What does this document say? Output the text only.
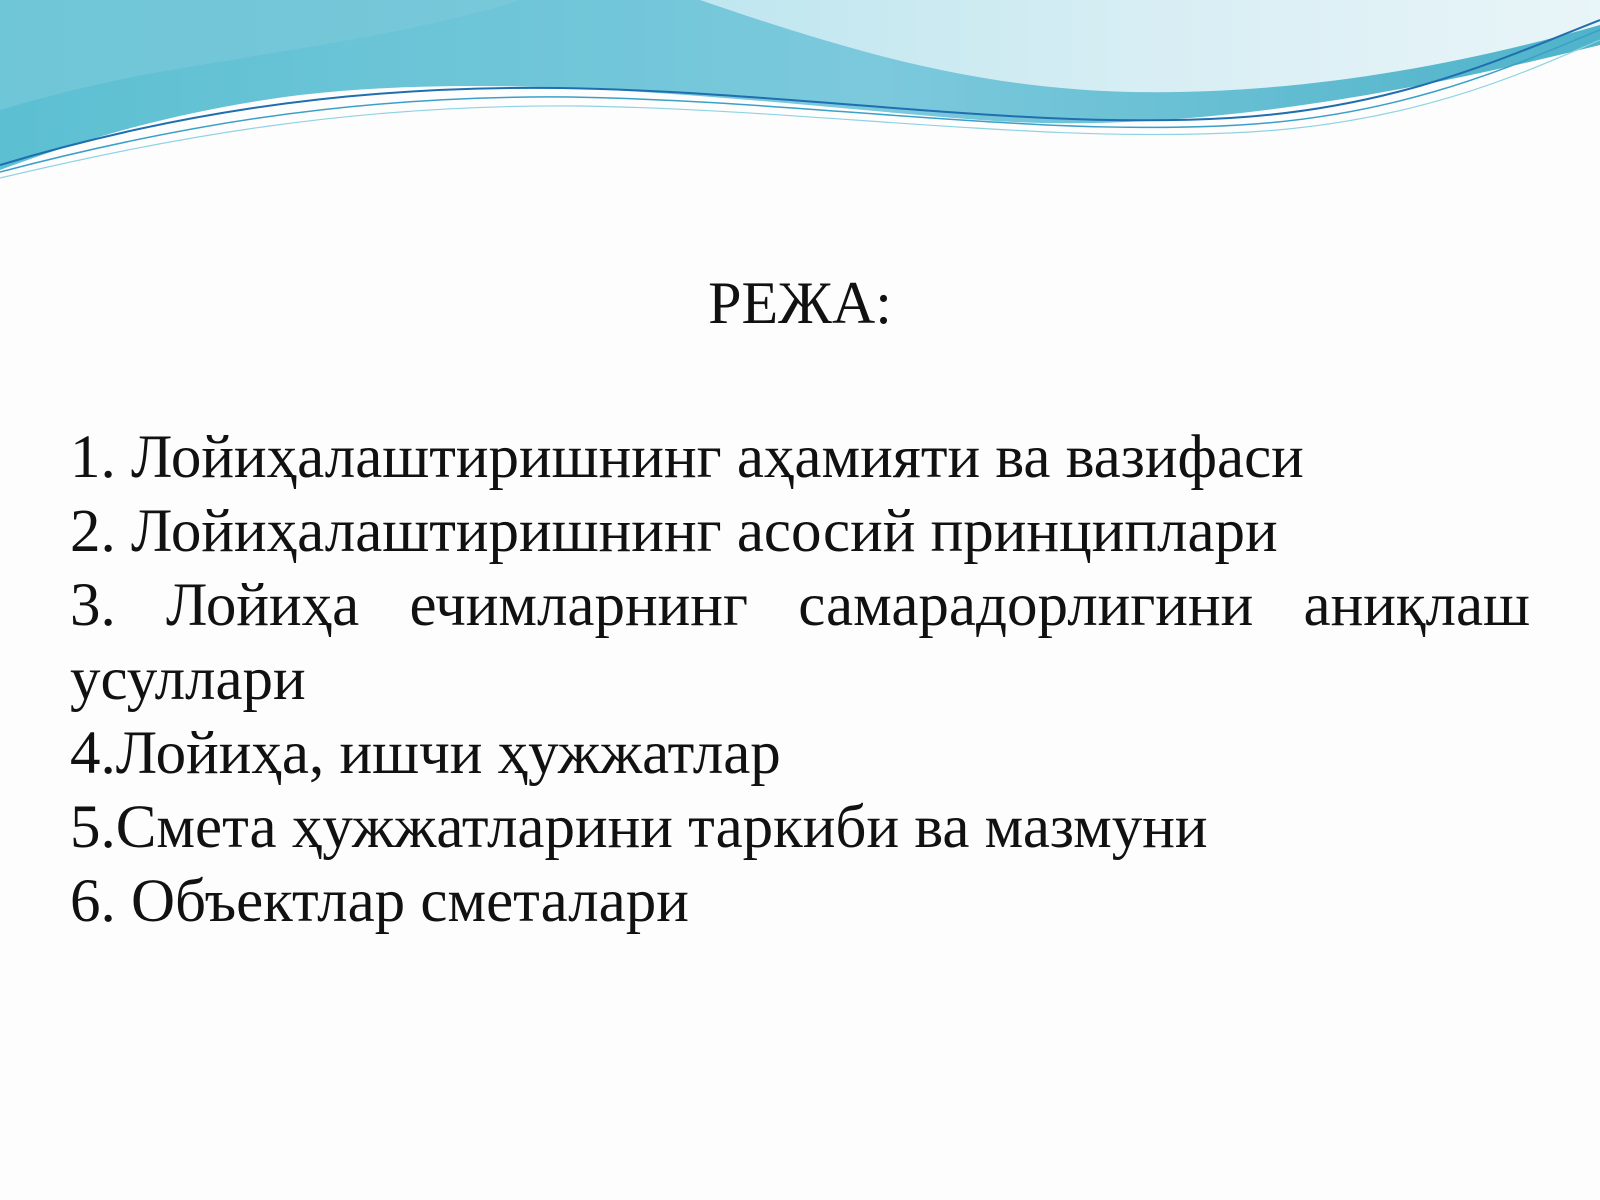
РЕЖА:
1. Лойиҳалаштиришнинг аҳамияти ва вазифаси
2. Лойиҳалаштиришнинг асосий принциплари
3. Лойиҳа ечимларнинг самарадорлигини аниқлаш усуллари
4.Лойиҳа, ишчи ҳужжатлар
5.Смета ҳужжатларини таркиби ва мазмуни
6. Объектлар сметалари
